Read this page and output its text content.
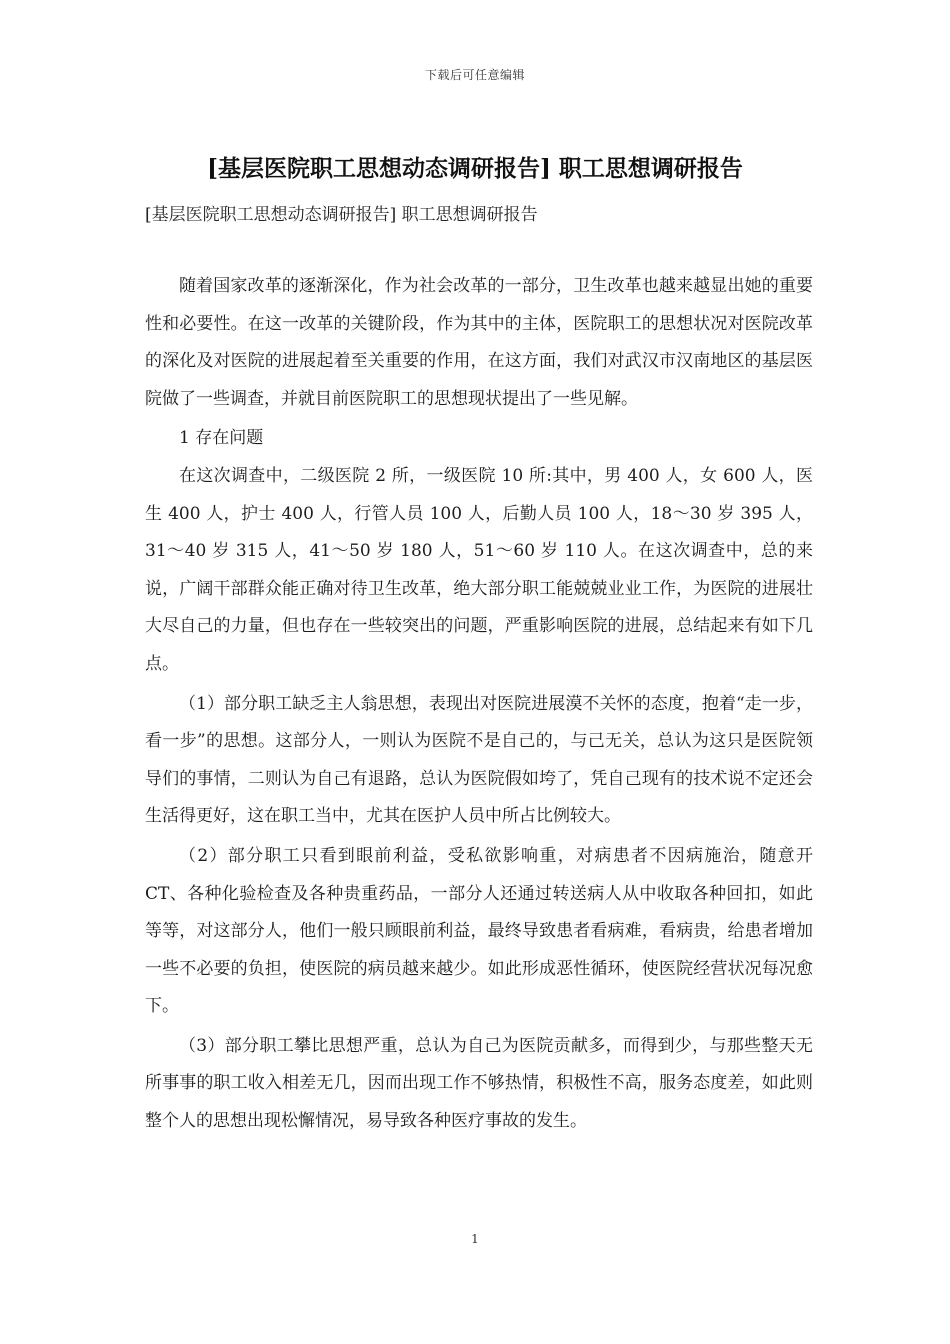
下载后可任意编辑
[基层医院职工思想动态调研报告] 职工思想调研报告

[基层医院职工思想动态调研报告] 职工思想调研报告

随着国家改革的逐渐深化，作为社会改革的一部分，卫生改革也越来越显出她的重要性和必要性。在这一改革的关键阶段，作为其中的主体，医院职工的思想状况对医院改革的深化及对医院的进展起着至关重要的作用，在这方面，我们对武汉市汉南地区的基层医院做了一些调查，并就目前医院职工的思想现状提出了一些见解。

1 存在问题

在这次调查中，二级医院 2 所，一级医院 10 所:其中，男 400 人，女 600 人，医生 400 人，护士 400 人，行管人员 100 人，后勤人员 100 人，18～30 岁 395 人，31～40 岁 315 人，41～50 岁 180 人，51～60 岁 110 人。在这次调查中，总的来说，广阔干部群众能正确对待卫生改革，绝大部分职工能兢兢业业工作，为医院的进展壮大尽自己的力量，但也存在一些较突出的问题，严重影响医院的进展，总结起来有如下几点。

（1）部分职工缺乏主人翁思想，表现出对医院进展漠不关怀的态度，抱着“走一步，看一步”的思想。这部分人，一则认为医院不是自己的，与己无关，总认为这只是医院领导们的事情，二则认为自己有退路，总认为医院假如垮了，凭自己现有的技术说不定还会生活得更好，这在职工当中，尤其在医护人员中所占比例较大。

（2）部分职工只看到眼前利益，受私欲影响重，对病患者不因病施治，随意开 CT、各种化验检查及各种贵重药品，一部分人还通过转送病人从中收取各种回扣，如此等等，对这部分人，他们一般只顾眼前利益，最终导致患者看病难，看病贵，给患者增加一些不必要的负担，使医院的病员越来越少。如此形成恶性循环，使医院经营状况每况愈下。

（3）部分职工攀比思想严重，总认为自己为医院贡献多，而得到少，与那些整天无所事事的职工收入相差无几，因而出现工作不够热情，积极性不高，服务态度差，如此则整个人的思想出现松懈情况，易导致各种医疗事故的发生。

1
